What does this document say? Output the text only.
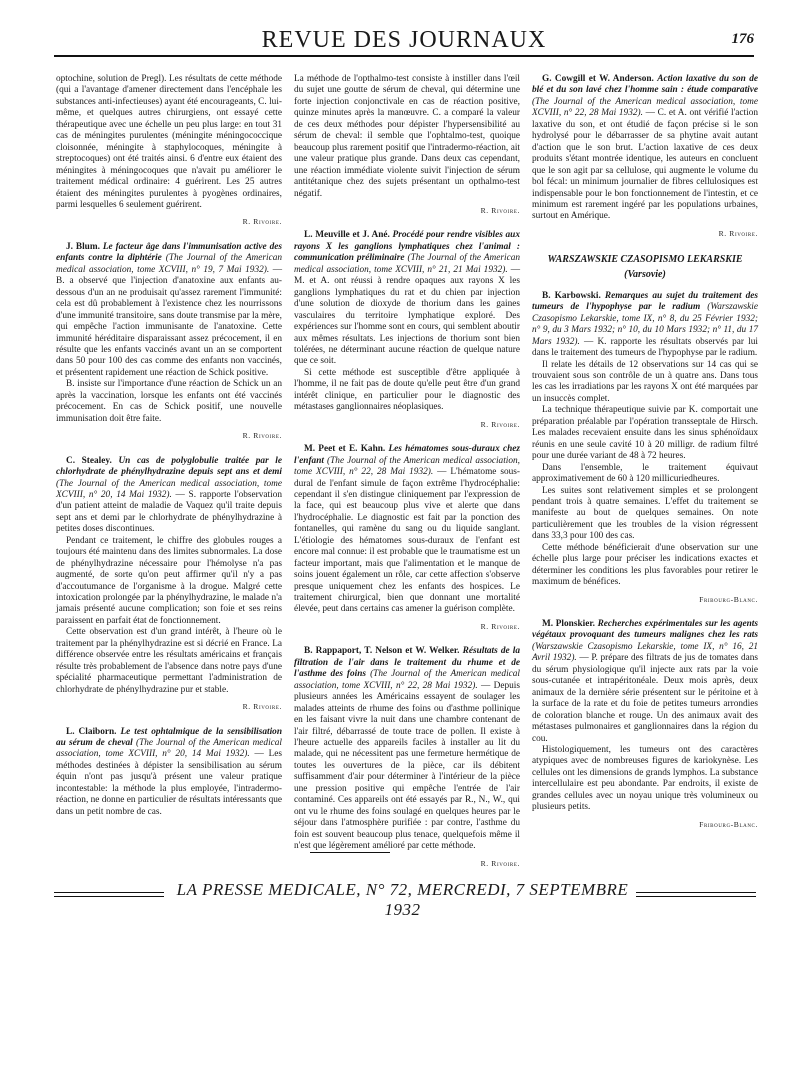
REVUE DES JOURNAUX	176

optochine, solution de Pregl). Les résultats de cette méthode (qui a l'avantage d'amener directement dans l'encéphale les substances anti-infectieuses) ayant été encourageants, C. lui-même, et quelques autres chirurgiens, ont essayé cette thérapeutique avec une échelle un peu plus large: en tout 31 cas de méningites purulentes (méningite méningococcique cloisonnée, méningite à staphylocoques, méningite à streptocoques) ont été traités ainsi. 6 d'entre eux étaient des méningites à méningocoques que n'avait pu améliorer le traitement médical ordinaire: 4 guérirent. Les 25 autres étaient des méningites purulentes à pyogènes ordinaires, parmi lesquelles 6 seulement guérirent.

R. Rivoire.

J. Blum. Le facteur âge dans l'immunisation active des enfants contre la diphtérie (The Journal of the American medical association, tome XCVIII, n° 19, 7 Mai 1932). — B. a observé que l'injection d'anatoxine aux enfants au-dessous d'un an ne produisait qu'assez rarement l'immunité: cela est dû probablement à l'existence chez les nourrissons d'une immunité transitoire, sans doute transmise par la mère, qui empêche l'action immunisante de l'anatoxine. Cette immunité héréditaire disparaissant assez précocement, il en résulte que les enfants vaccinés avant un an se comportent dans 50 pour 100 des cas comme des enfants non vaccinés, et présentent rapidement une réaction de Schick positive.

B. insiste sur l'importance d'une réaction de Schick un an après la vaccination, lorsque les enfants ont été vaccinés précocement. En cas de Schick positif, une nouvelle immunisation doit être faite.

R. Rivoire.

C. Stealey. Un cas de polyglobulie traitée par le chlorhydrate de phénylhydrazine depuis sept ans et demi (The Journal of the American medical association, tome XCVIII, n° 20, 14 Mai 1932). — S. rapporte l'observation d'un patient atteint de maladie de Vaquez qu'il traite depuis sept ans et demi par le chlorhydrate de phénylhydrazine à petites doses discontinues.

Pendant ce traitement, le chiffre des globules rouges a toujours été maintenu dans des limites subnormales. La dose de phénylhydrazine nécessaire pour l'hémolyse n'a pas augmenté, de sorte qu'on peut affirmer qu'il n'y a pas d'accoutumance de l'organisme à la drogue. Malgré cette intoxication prolongée par la phénylhydrazine, le malade n'a jamais présenté aucune complication; son foie et ses reins paraissent en parfait état de fonctionnement.

Cette observation est d'un grand intérêt, à l'heure où le traitement par la phénylhydrazine est si décrié en France. La différence observée entre les résultats américains et français résulte très probablement de l'absence dans notre pays d'une spécialité pharmaceutique permettant l'administration de chlorhydrate de phénylhydrazine pur et stable.

R. Rivoire.

L. Claiborn. Le test ophtalmique de la sensibilisation au sérum de cheval (The Journal of the American medical association, tome XCVIII, n° 20, 14 Mai 1932). — Les méthodes destinées à dépister la sensibilisation au sérum équin n'ont pas jusqu'à présent une valeur pratique incontestable: la méthode la plus employée, l'intradermo-réaction, ne donne en particulier de résultats intéressants que dans un petit nombre de cas.

La méthode de l'opthalmo-test consiste à instiller dans l'œil du sujet une goutte de sérum de cheval, qui détermine une forte injection conjonctivale en cas de réaction positive, quinze minutes après la manœuvre. C. a comparé la valeur de ces deux méthodes pour dépister l'hypersensibilité au sérum de cheval: il semble que l'ophtalmo-test, quoique beaucoup plus rarement positif que l'intradermo-réaction, ait une valeur pratique plus grande. Dans deux cas cependant, une réaction immédiate violente suivit l'injection de sérum antitétanique chez des sujets présentant un opthalmo-test négatif.

R. Rivoire.

L. Meuville et J. Ané. Procédé pour rendre visibles aux rayons X les ganglions lymphatiques chez l'animal : communication préliminaire (The Journal of the American medical association, tome XCVIII, n° 21, 21 Mai 1932). — M. et A. ont réussi à rendre opaques aux rayons X les ganglions lymphatiques du rat et du chien par injection d'une solution de dioxyde de thorium dans les gaines vasculaires du territoire lymphatique exploré. Des expériences sur l'homme sont en cours, qui semblent aboutir aux mêmes résultats. Les injections de thorium sont bien tolérées, ne déterminant aucune réaction de quelque nature que ce soit.

Si cette méthode est susceptible d'être appliquée à l'homme, il ne fait pas de doute qu'elle peut être d'un grand intérêt clinique, en particulier pour le diagnostic des métastases ganglionnaires néoplasiques.

R. Rivoire.

M. Peet et E. Kahn. Les hématomes sous-duraux chez l'enfant (The Journal of the American medical association, tome XCVIII, n° 22, 28 Mai 1932). — L'hématome sous-dural de l'enfant simule de façon extrême l'hydrocéphalie: cependant il s'en distingue cliniquement par l'expression de la face, qui est beaucoup plus vive et alerte que dans l'hydrocéphalie. Le diagnostic est fait par la ponction des fontanelles, qui ramène du sang ou du liquide sanglant. L'étiologie des hématomes sous-duraux de l'enfant est encore mal connue: il est probable que le traumatisme est un facteur important, mais que l'alimentation et le manque de soins jouent également un rôle, car cette affection s'observe presque uniquement chez les enfants des hospices. Le traitement chirurgical, bien que donnant une mortalité élevée, peut dans certains cas amener la guérison complète.

R. Rivoire.

B. Rappaport, T. Nelson et W. Welker. Résultats de la filtration de l'air dans le traitement du rhume et de l'asthme des foins (The Journal of the American medical association, tome XCVIII, n° 22, 28 Mai 1932). — Depuis plusieurs années les Américains essayent de soulager les malades atteints de rhume des foins ou d'asthme pollinique en les faisant vivre la nuit dans une chambre contenant de l'air filtré, débarrassé de toute trace de pollen. Il existe à l'heure actuelle des appareils faciles à installer au lit du malade, qui ne nécessitent pas une fermeture hermétique de toutes les ouvertures de la pièce, car ils débitent suffisamment d'air pour déterminer à l'intérieur de la pièce une pression positive qui empêche l'entrée de l'air contaminé. Ces appareils ont été essayés par R., N., W., qui ont vu le rhume des foins soulagé en quelques heures par le séjour dans l'atmosphère purifiée : par contre, l'asthme du foin est souvent beaucoup plus tenace, quelquefois même il n'est que légèrement amélioré par cette méthode.

R. Rivoire.

G. Cowgill et W. Anderson. Action laxative du son de blé et du son lavé chez l'homme sain : étude comparative (The Journal of the American medical association, tome XCVIII, n° 22, 28 Mai 1932). — C. et A. ont vérifié l'action laxative du son, et ont étudié de façon précise si le son hydrolysé pour le débarrasser de sa phytine avait autant d'action que le son brut. L'action laxative de ces deux produits s'étant montrée identique, les auteurs en concluent que le son agit par sa cellulose, qui augmente le volume du bol fécal: un minimum journalier de fibres cellulosiques est indispensable pour le bon fonctionnement de l'intestin, et ce minimum est rarement ingéré par les populations urbaines, surtout en Amérique.

R. Rivoire.
WARSZAWSKIE CZASOPISMO LEKARSKIE
(Varsovie)

B. Karbowski. Remarques au sujet du traitement des tumeurs de l'hypophyse par le radium (Warszawskie Czasopismo Lekarskie, tome IX, n° 8, du 25 Février 1932; n° 9, du 3 Mars 1932; n° 10, du 10 Mars 1932; n° 11, du 17 Mars 1932). — K. rapporte les résultats observés par lui dans le traitement des tumeurs de l'hypophyse par le radium.

Il relate les détails de 12 observations sur 14 cas qui se trouvaient sous son contrôle de un à quatre ans. Dans tous les cas les irradiations par les rayons X ont été marquées par un insuccès complet.

La technique thérapeutique suivie par K. comportait une préparation préalable par l'opération transseptale de Hirsch. Les malades recevaient ensuite dans les sinus sphénoïdaux réunis en une seule cavité 10 à 20 milligr. de radium filtré pour une durée variant de 48 à 72 heures.

Dans l'ensemble, le traitement équivaut approximativement de 60 à 120 millicuriedheures.

Les suites sont relativement simples et se prolongent pendant trois à quatre semaines. L'effet du traitement se manifeste au bout de quelques semaines. On note particulièrement que les troubles de la vision régressent dans 33,3 pour 100 des cas.

Cette méthode bénéficierait d'une observation sur une échelle plus large pour préciser les indications exactes et déterminer les conditions les plus favorables pour retirer le maximum de bénéfices.

Fribourg-Blanc.

M. Plonskier. Recherches expérimentales sur les agents végétaux provoquant des tumeurs malignes chez les rats (Warszawskie Czasopismo Lekarskie, tome IX, n° 16, 21 Avril 1932). — P. prépare des filtrats de jus de tomates dans du sérum physiologique qu'il injecte aux rats par la voie sous-cutanée et intrapéritonéale. Deux mois après, deux animaux de la dernière série présentent sur le péritoine et à la surface de la rate et du foie de petites tumeurs arrondies de coloration blanche et rouge. Un des animaux avait des métastases pulmonaires et ganglionnaires dans la région du cou.

Histologiquement, les tumeurs ont des caractères atypiques avec de nombreuses figures de kariokynèse. Les cellules ont les dimensions de grands lymphos. La substance intercellulaire est peu abondante. Par endroits, il existe de grandes cellules avec un noyau unique très volumineux ou plusieurs petits.

Fribourg-Blanc.
LA PRESSE MEDICALE, N° 72, MERCREDI, 7 SEPTEMBRE 1932
